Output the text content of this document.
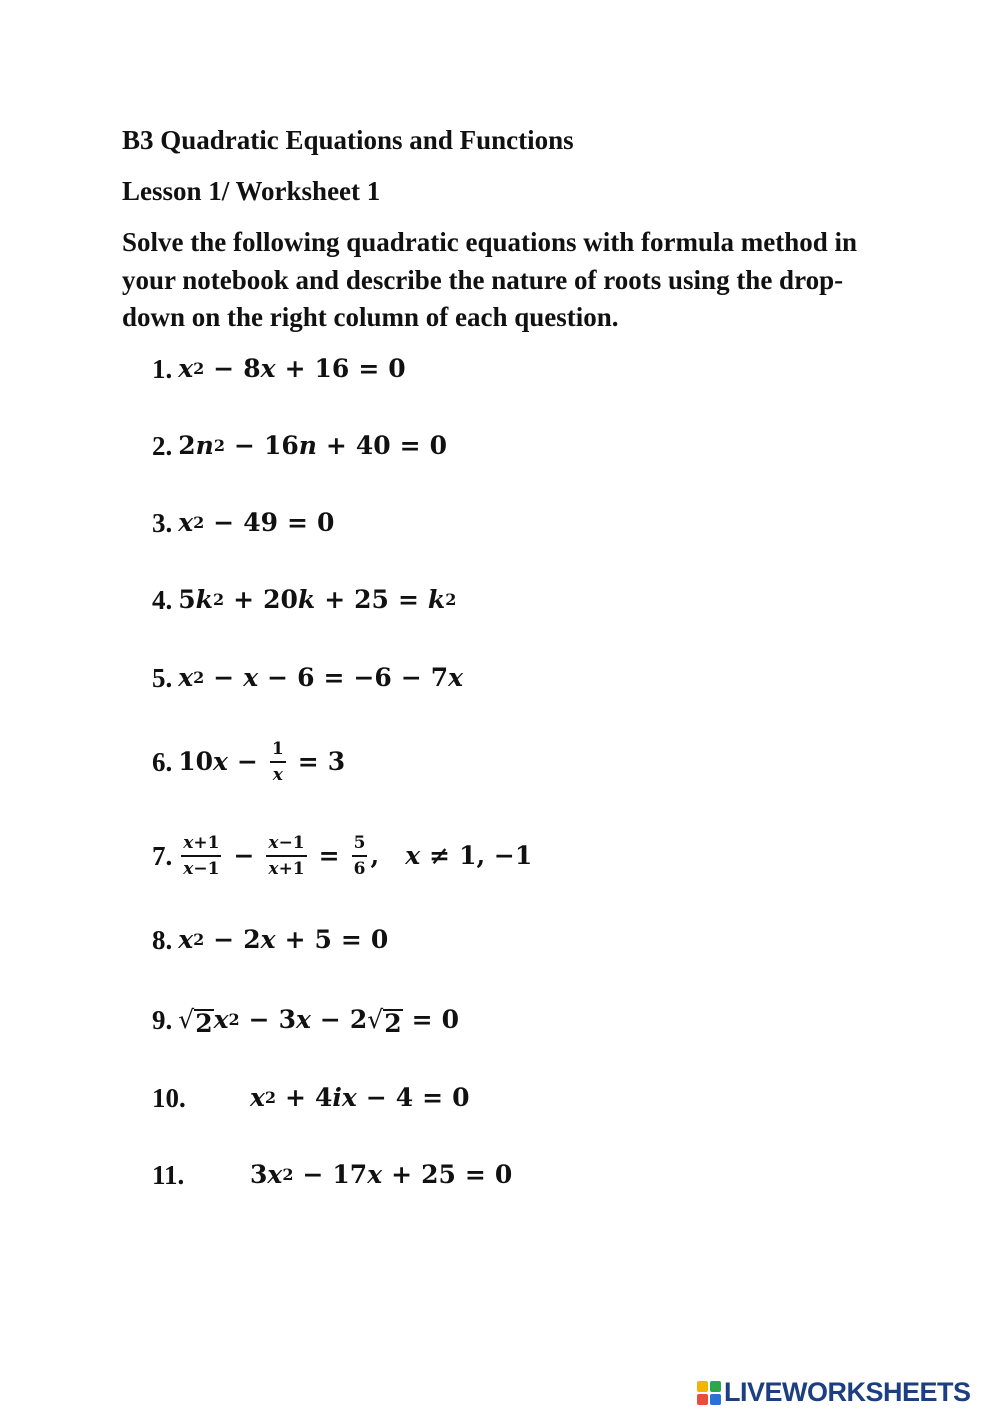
B3 Quadratic Equations and Functions

Lesson 1/ Worksheet 1

Solve the following quadratic equations with formula method in your notebook and describe the nature of roots using the drop-down on the right column of each question.

1. x 2 − 8 x + 16 = 0
2. 2 n 2 − 16 n + 40 = 0
3. x 2 − 49 = 0
4. 5 k 2 + 20 k + 25 = k 2
5. x 2 − x − 6 = −6 − 7 x
6. 10 $x - \frac{1}{x} = 3$
7. $\frac{x+1}{x-1} - \frac{x-1}{x+1} = \frac{5}{6}$ , x ≠ 1, −1
8. x 2 − 2 x + 5 = 0
9. √ 2 x 2 − 3 x − 2 √ 2 = 0
10.	x 2 + 4 ix − 4 = 0
11.	3 x 2 − 17 x + 25 = 0
LIVEWORKSHEETS
